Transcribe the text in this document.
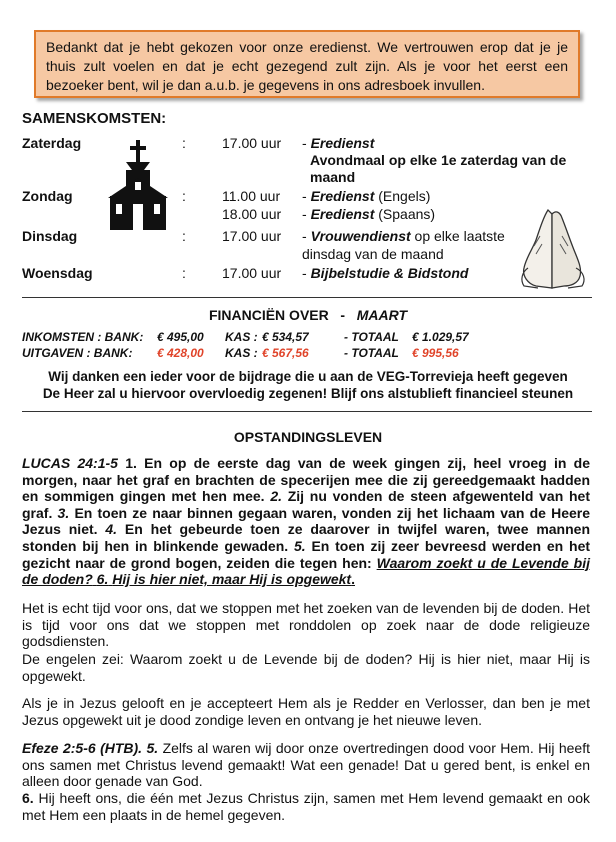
Bedankt dat je hebt gekozen voor onze eredienst. We vertrouwen erop dat je je thuis zult voelen en dat je echt gezegend zult zijn. Als je voor het eerst een bezoeker bent, wil je dan a.u.b. je gegevens in ons adresboek invullen.
SAMENSKOMSTEN:
Zaterdag	:	17.00 uur - Eredienst
Avondmaal op elke 1e zaterdag van de maand
Zondag	:	11.00 uur - Eredienst (Engels)
18.00 uur - Eredienst (Spaans)
Dinsdag	:	17.00 uur - Vrouwendienst op elke laatste dinsdag van de maand
Woensdag	:	17.00 uur - Bijbelstudie & Bidstond
FINANCIËN OVER - MAART
INKOMSTEN : BANK: € 495,00 KAS : € 534,57	- TOTAAL € 1.029,57
UITGAVEN : BANK: € 428,00 KAS : € 567,56	- TOTAAL € 995,56
Wij danken een ieder voor de bijdrage die u aan de VEG-Torrevieja heeft gegeven
De Heer zal u hiervoor overvloedig zegenen! Blijf ons alstublieft financieel steunen
OPSTANDINGSLEVEN
LUCAS 24:1-5 1. En op de eerste dag van de week gingen zij, heel vroeg in de morgen, naar het graf en brachten de specerijen mee die zij gereedgemaakt hadden en sommigen gingen met hen mee. 2. Zij nu vonden de steen afgewenteld van het graf. 3. En toen ze naar binnen gegaan waren, vonden zij het lichaam van de Heere Jezus niet. 4. En het gebeurde toen ze daarover in twijfel waren, twee mannen stonden bij hen in blinkende gewaden. 5. En toen zij zeer bevreesd werden en het gezicht naar de grond bogen, zeiden die tegen hen: Waarom zoekt u de Levende bij de doden? 6. Hij is hier niet, maar Hij is opgewekt.
Het is echt tijd voor ons, dat we stoppen met het zoeken van de levenden bij de doden. Het is tijd voor ons dat we stoppen met ronddolen op zoek naar de dode religieuze godsdiensten.
De engelen zei: Waarom zoekt u de Levende bij de doden? Hij is hier niet, maar Hij is opgewekt.
Als je in Jezus gelooft en je accepteert Hem als je Redder en Verlosser, dan ben je met Jezus opgewekt uit je dood zondige leven en ontvang je het nieuwe leven.
Efeze 2:5-6 (HTB). 5. Zelfs al waren wij door onze overtredingen dood voor Hem. Hij heeft ons samen met Christus levend gemaakt! Wat een genade! Dat u gered bent, is enkel en alleen door genade van God.
6. Hij heeft ons, die één met Jezus Christus zijn, samen met Hem levend gemaakt en ook met Hem een plaats in de hemel gegeven.
